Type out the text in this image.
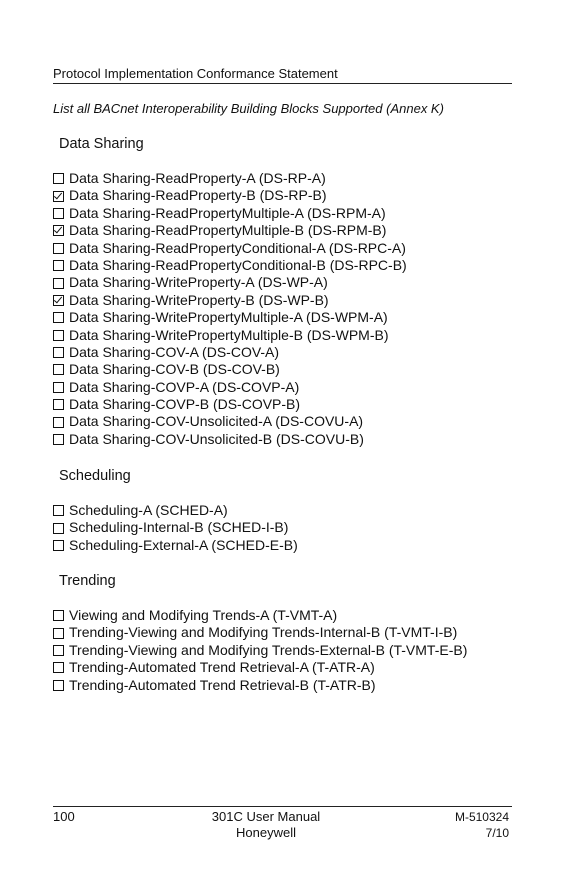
Protocol Implementation Conformance Statement
List all BACnet Interoperability Building Blocks Supported (Annex K)
Data Sharing
Data Sharing-ReadProperty-A (DS-RP-A)
Data Sharing-ReadProperty-B (DS-RP-B)
Data Sharing-ReadPropertyMultiple-A (DS-RPM-A)
Data Sharing-ReadPropertyMultiple-B (DS-RPM-B)
Data Sharing-ReadPropertyConditional-A (DS-RPC-A)
Data Sharing-ReadPropertyConditional-B (DS-RPC-B)
Data Sharing-WriteProperty-A (DS-WP-A)
Data Sharing-WriteProperty-B (DS-WP-B)
Data Sharing-WritePropertyMultiple-A (DS-WPM-A)
Data Sharing-WritePropertyMultiple-B (DS-WPM-B)
Data Sharing-COV-A (DS-COV-A)
Data Sharing-COV-B (DS-COV-B)
Data Sharing-COVP-A (DS-COVP-A)
Data Sharing-COVP-B (DS-COVP-B)
Data Sharing-COV-Unsolicited-A (DS-COVU-A)
Data Sharing-COV-Unsolicited-B (DS-COVU-B)
Scheduling
Scheduling-A (SCHED-A)
Scheduling-Internal-B (SCHED-I-B)
Scheduling-External-A (SCHED-E-B)
Trending
Viewing and Modifying Trends-A (T-VMT-A)
Trending-Viewing and Modifying Trends-Internal-B (T-VMT-I-B)
Trending-Viewing and Modifying Trends-External-B (T-VMT-E-B)
Trending-Automated Trend Retrieval-A (T-ATR-A)
Trending-Automated Trend Retrieval-B (T-ATR-B)
100	301C User Manual
Honeywell
M-510324
7/10
